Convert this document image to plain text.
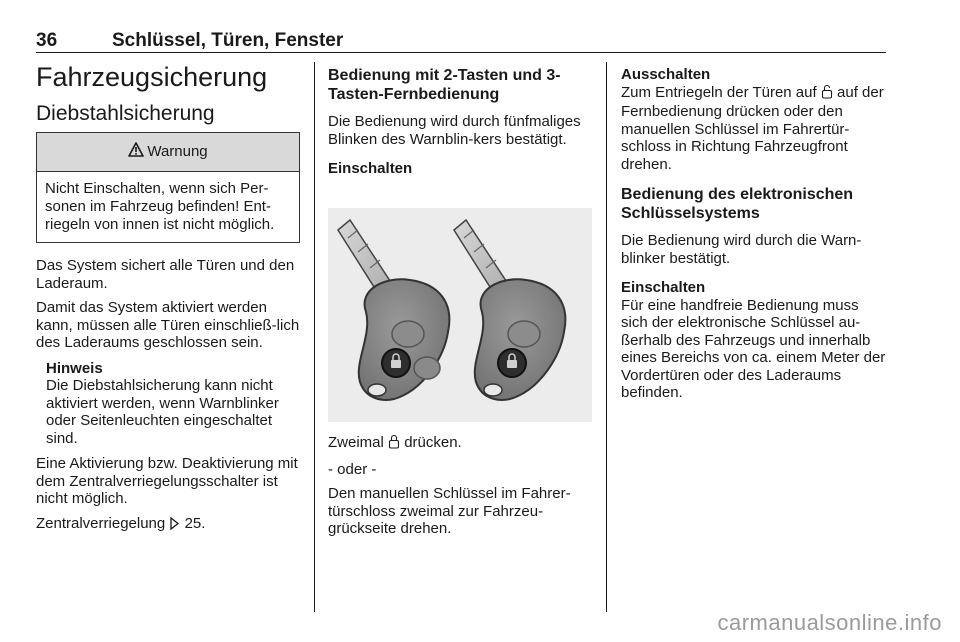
36	Schlüssel, Türen, Fenster
Fahrzeugsicherung
Diebstahlsicherung
Warnung
Nicht Einschalten, wenn sich Per-sonen im Fahrzeug befinden! Ent-riegeln von innen ist nicht möglich.

Das System sichert alle Türen und den Laderaum.

Damit das System aktiviert werden kann, müssen alle Türen einschließ-lich des Laderaums geschlossen sein.

Hinweis

Die Diebstahlsicherung kann nicht aktiviert werden, wenn Warnblinker oder Seitenleuchten eingeschaltet sind.

Eine Aktivierung bzw. Deaktivierung mit dem Zentralverriegelungsschalter ist nicht möglich.

Zentralverriegelung 25.

Bedienung mit 2-Tasten und 3-Tasten-Fernbedienung

Die Bedienung wird durch fünfmaliges Blinken des Warnblin-kers bestätigt.

Einschalten

Zweimal drücken.

- oder -

Den manuellen Schlüssel im Fahrer-türschloss zweimal zur Fahrzeu-grückseite drehen.

Ausschalten

Zum Entriegeln der Türen auf auf der Fernbedienung drücken oder den manuellen Schlüssel im Fahrertür-schloss in Richtung Fahrzeugfront drehen.

Bedienung des elektronischen Schlüsselsystems

Die Bedienung wird durch die Warn-blinker bestätigt.

Einschalten

Für eine handfreie Bedienung muss sich der elektronische Schlüssel au-ßerhalb des Fahrzeugs und innerhalb eines Bereichs von ca. einem Meter der Vordertüren oder des Laderaums befinden.

carmanualsonline.info
